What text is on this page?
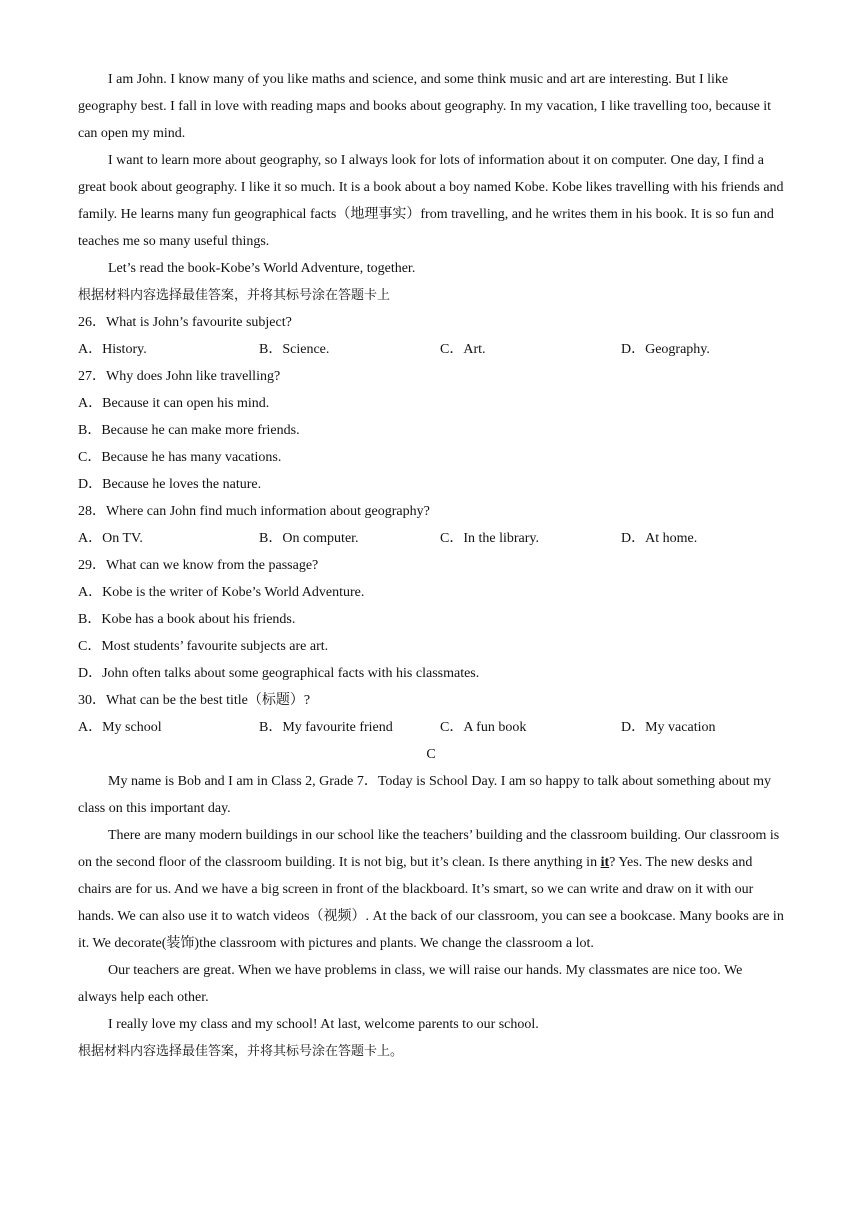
I am John. I know many of you like maths and science, and some think music and art are interesting. But I like geography best. I fall in love with reading maps and books about geography. In my vacation, I like travelling too, because it can open my mind.

I want to learn more about geography, so I always look for lots of information about it on computer. One day, I find a great book about geography. I like it so much. It is a book about a boy named Kobe. Kobe likes travelling with his friends and family. He learns many fun geographical facts（地理事实）from travelling, and he writes them in his book. It is so fun and teaches me so many useful things.

Let’s read the book-Kobe’s World Adventure, together.

根据材料内容选择最佳答案，并将其标号涂在答题卡上

26．What is John’s favourite subject?

A．History.	B．Science.	C．Art.	D．Geography.

27．Why does John like travelling?

A．Because it can open his mind.

B．Because he can make more friends.

C．Because he has many vacations.

D．Because he loves the nature.

28．Where can John find much information about geography?

A．On TV.	B．On computer.	C．In the library.	D．At home.

29．What can we know from the passage?

A．Kobe is the writer of Kobe’s World Adventure.

B．Kobe has a book about his friends.

C．Most students’ favourite subjects are art.

D．John often talks about some geographical facts with his classmates.

30．What can be the best title（标题）?

A．My school	B．My favourite friend	C．A fun book	D．My vacation

C

My name is Bob and I am in Class 2, Grade 7．Today is School Day. I am so happy to talk about something about my class on this important day.

There are many modern buildings in our school like the teachers’ building and the classroom building. Our classroom is on the second floor of the classroom building. It is not big, but it’s clean. Is there anything in it? Yes. The new desks and chairs are for us. And we have a big screen in front of the blackboard. It’s smart, so we can write and draw on it with our hands. We can also use it to watch videos（视频）. At the back of our classroom, you can see a bookcase. Many books are in it. We decorate(装饰)the classroom with pictures and plants. We change the classroom a lot.

Our teachers are great. When we have problems in class, we will raise our hands. My classmates are nice too. We always help each other.

I really love my class and my school! At last, welcome parents to our school.

根据材料内容选择最佳答案，并将其标号涂在答题卡上。
